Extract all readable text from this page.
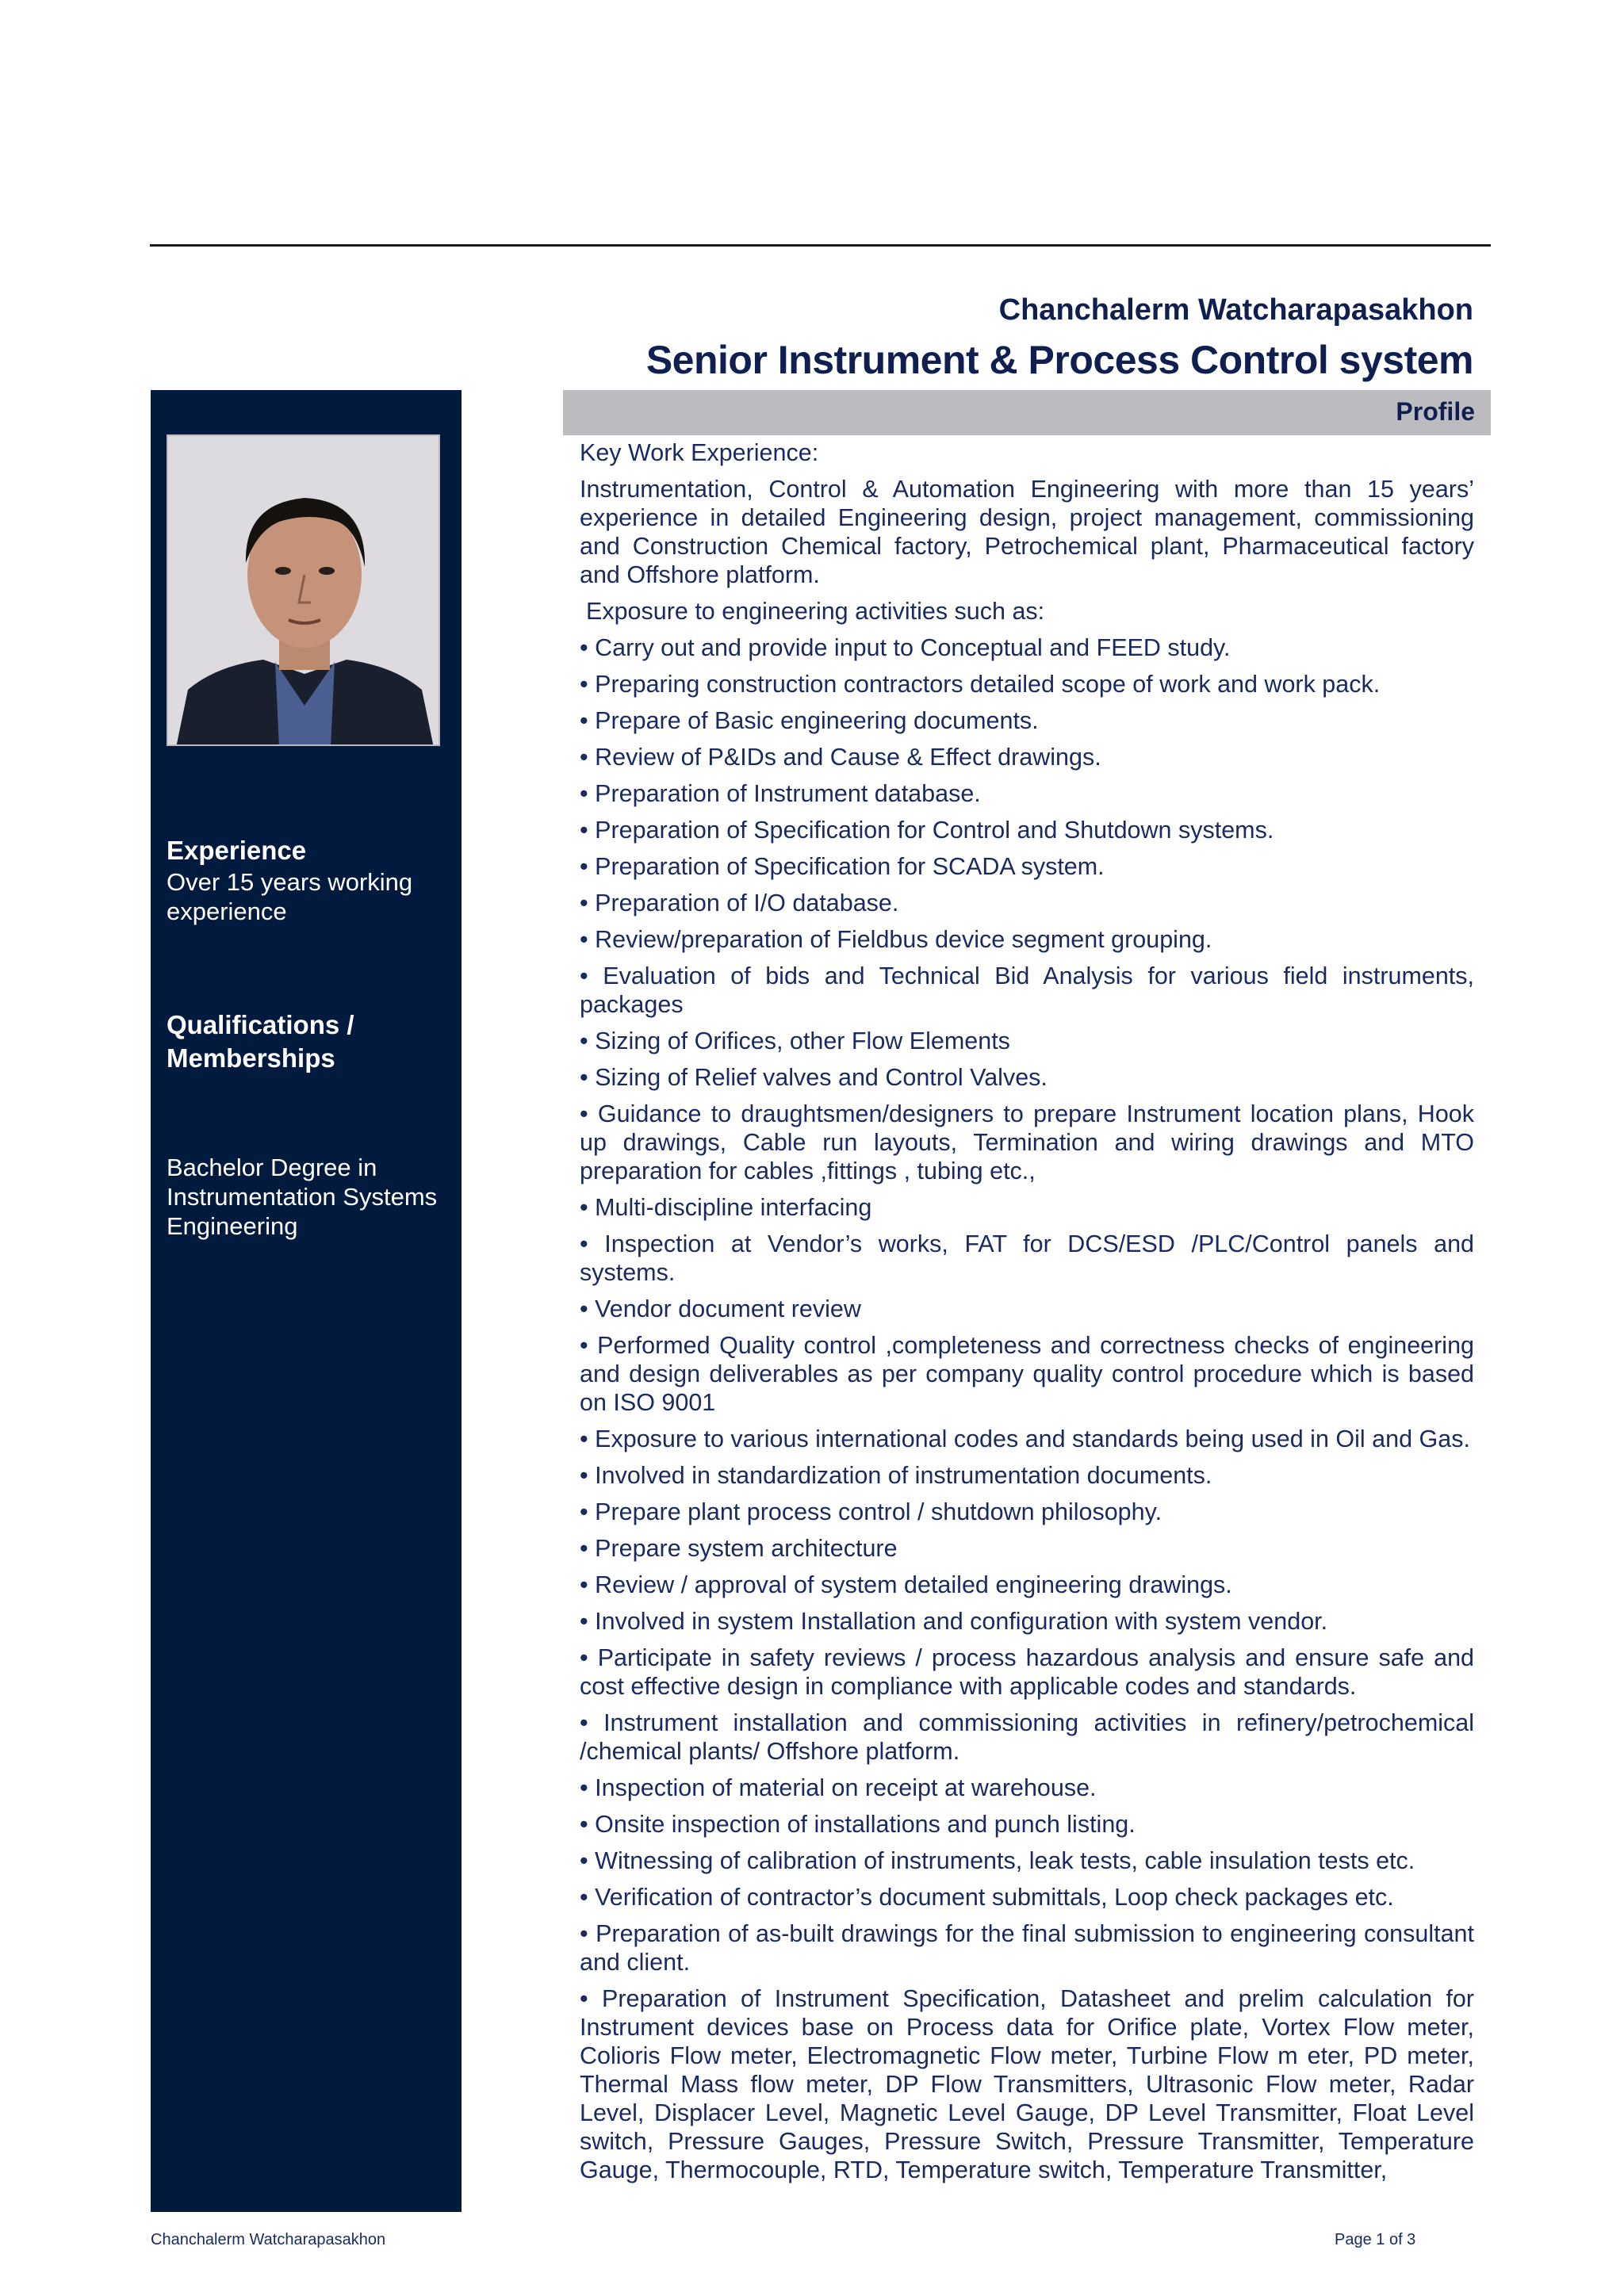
Chanchalerm Watcharapasakhon
Senior Instrument & Process Control system

Experience

Over 15 years working experience

Qualifications / Memberships

Bachelor Degree in Instrumentation Systems Engineering

Profile

Key Work Experience:

Instrumentation, Control & Automation Engineering with more than 15 years’ experience in detailed Engineering design, project management, commissioning and Construction Chemical factory, Petrochemical plant, Pharmaceutical factory and Offshore platform.

Exposure to engineering activities such as:

• Carry out and provide input to Conceptual and FEED study.

• Preparing construction contractors detailed scope of work and work pack.

• Prepare of Basic engineering documents.

• Review of P&IDs and Cause & Effect drawings.

• Preparation of Instrument database.

• Preparation of Specification for Control and Shutdown systems.

• Preparation of Specification for SCADA system.

• Preparation of I/O database.

• Review/preparation of Fieldbus device segment grouping.

• Evaluation of bids and Technical Bid Analysis for various field instruments, packages

• Sizing of Orifices, other Flow Elements

• Sizing of Relief valves and Control Valves.

• Guidance to draughtsmen/designers to prepare Instrument location plans, Hook up drawings, Cable run layouts, Termination and wiring drawings and MTO preparation for cables ,fittings , tubing etc.,

• Multi-discipline interfacing

• Inspection at Vendor’s works, FAT for DCS/ESD /PLC/Control panels and systems.

• Vendor document review

• Performed Quality control ,completeness and correctness checks of engineering and design deliverables as per company quality control procedure which is based on ISO 9001

• Exposure to various international codes and standards being used in Oil and Gas.

• Involved in standardization of instrumentation documents.

• Prepare plant process control / shutdown philosophy.

• Prepare system architecture

• Review / approval of system detailed engineering drawings.

• Involved in system Installation and configuration with system vendor.

• Participate in safety reviews / process hazardous analysis and ensure safe and cost effective design in compliance with applicable codes and standards.

• Instrument installation and commissioning activities in refinery/petrochemical /chemical plants/ Offshore platform.

• Inspection of material on receipt at warehouse.

• Onsite inspection of installations and punch listing.

• Witnessing of calibration of instruments, leak tests, cable insulation tests etc.

• Verification of contractor’s document submittals, Loop check packages etc.

• Preparation of as-built drawings for the final submission to engineering consultant and client.

• Preparation of Instrument Specification, Datasheet and prelim calculation for Instrument devices base on Process data for Orifice plate, Vortex Flow meter, Colioris Flow meter, Electromagnetic Flow meter, Turbine Flow m eter, PD meter, Thermal Mass flow meter, DP Flow Transmitters, Ultrasonic Flow meter, Radar Level, Displacer Level, Magnetic Level Gauge, DP Level Transmitter, Float Level switch, Pressure Gauges, Pressure Switch, Pressure Transmitter, Temperature Gauge, Thermocouple, RTD, Temperature switch, Temperature Transmitter,

Chanchalerm Watcharapasakhon	Page 1 of 3
